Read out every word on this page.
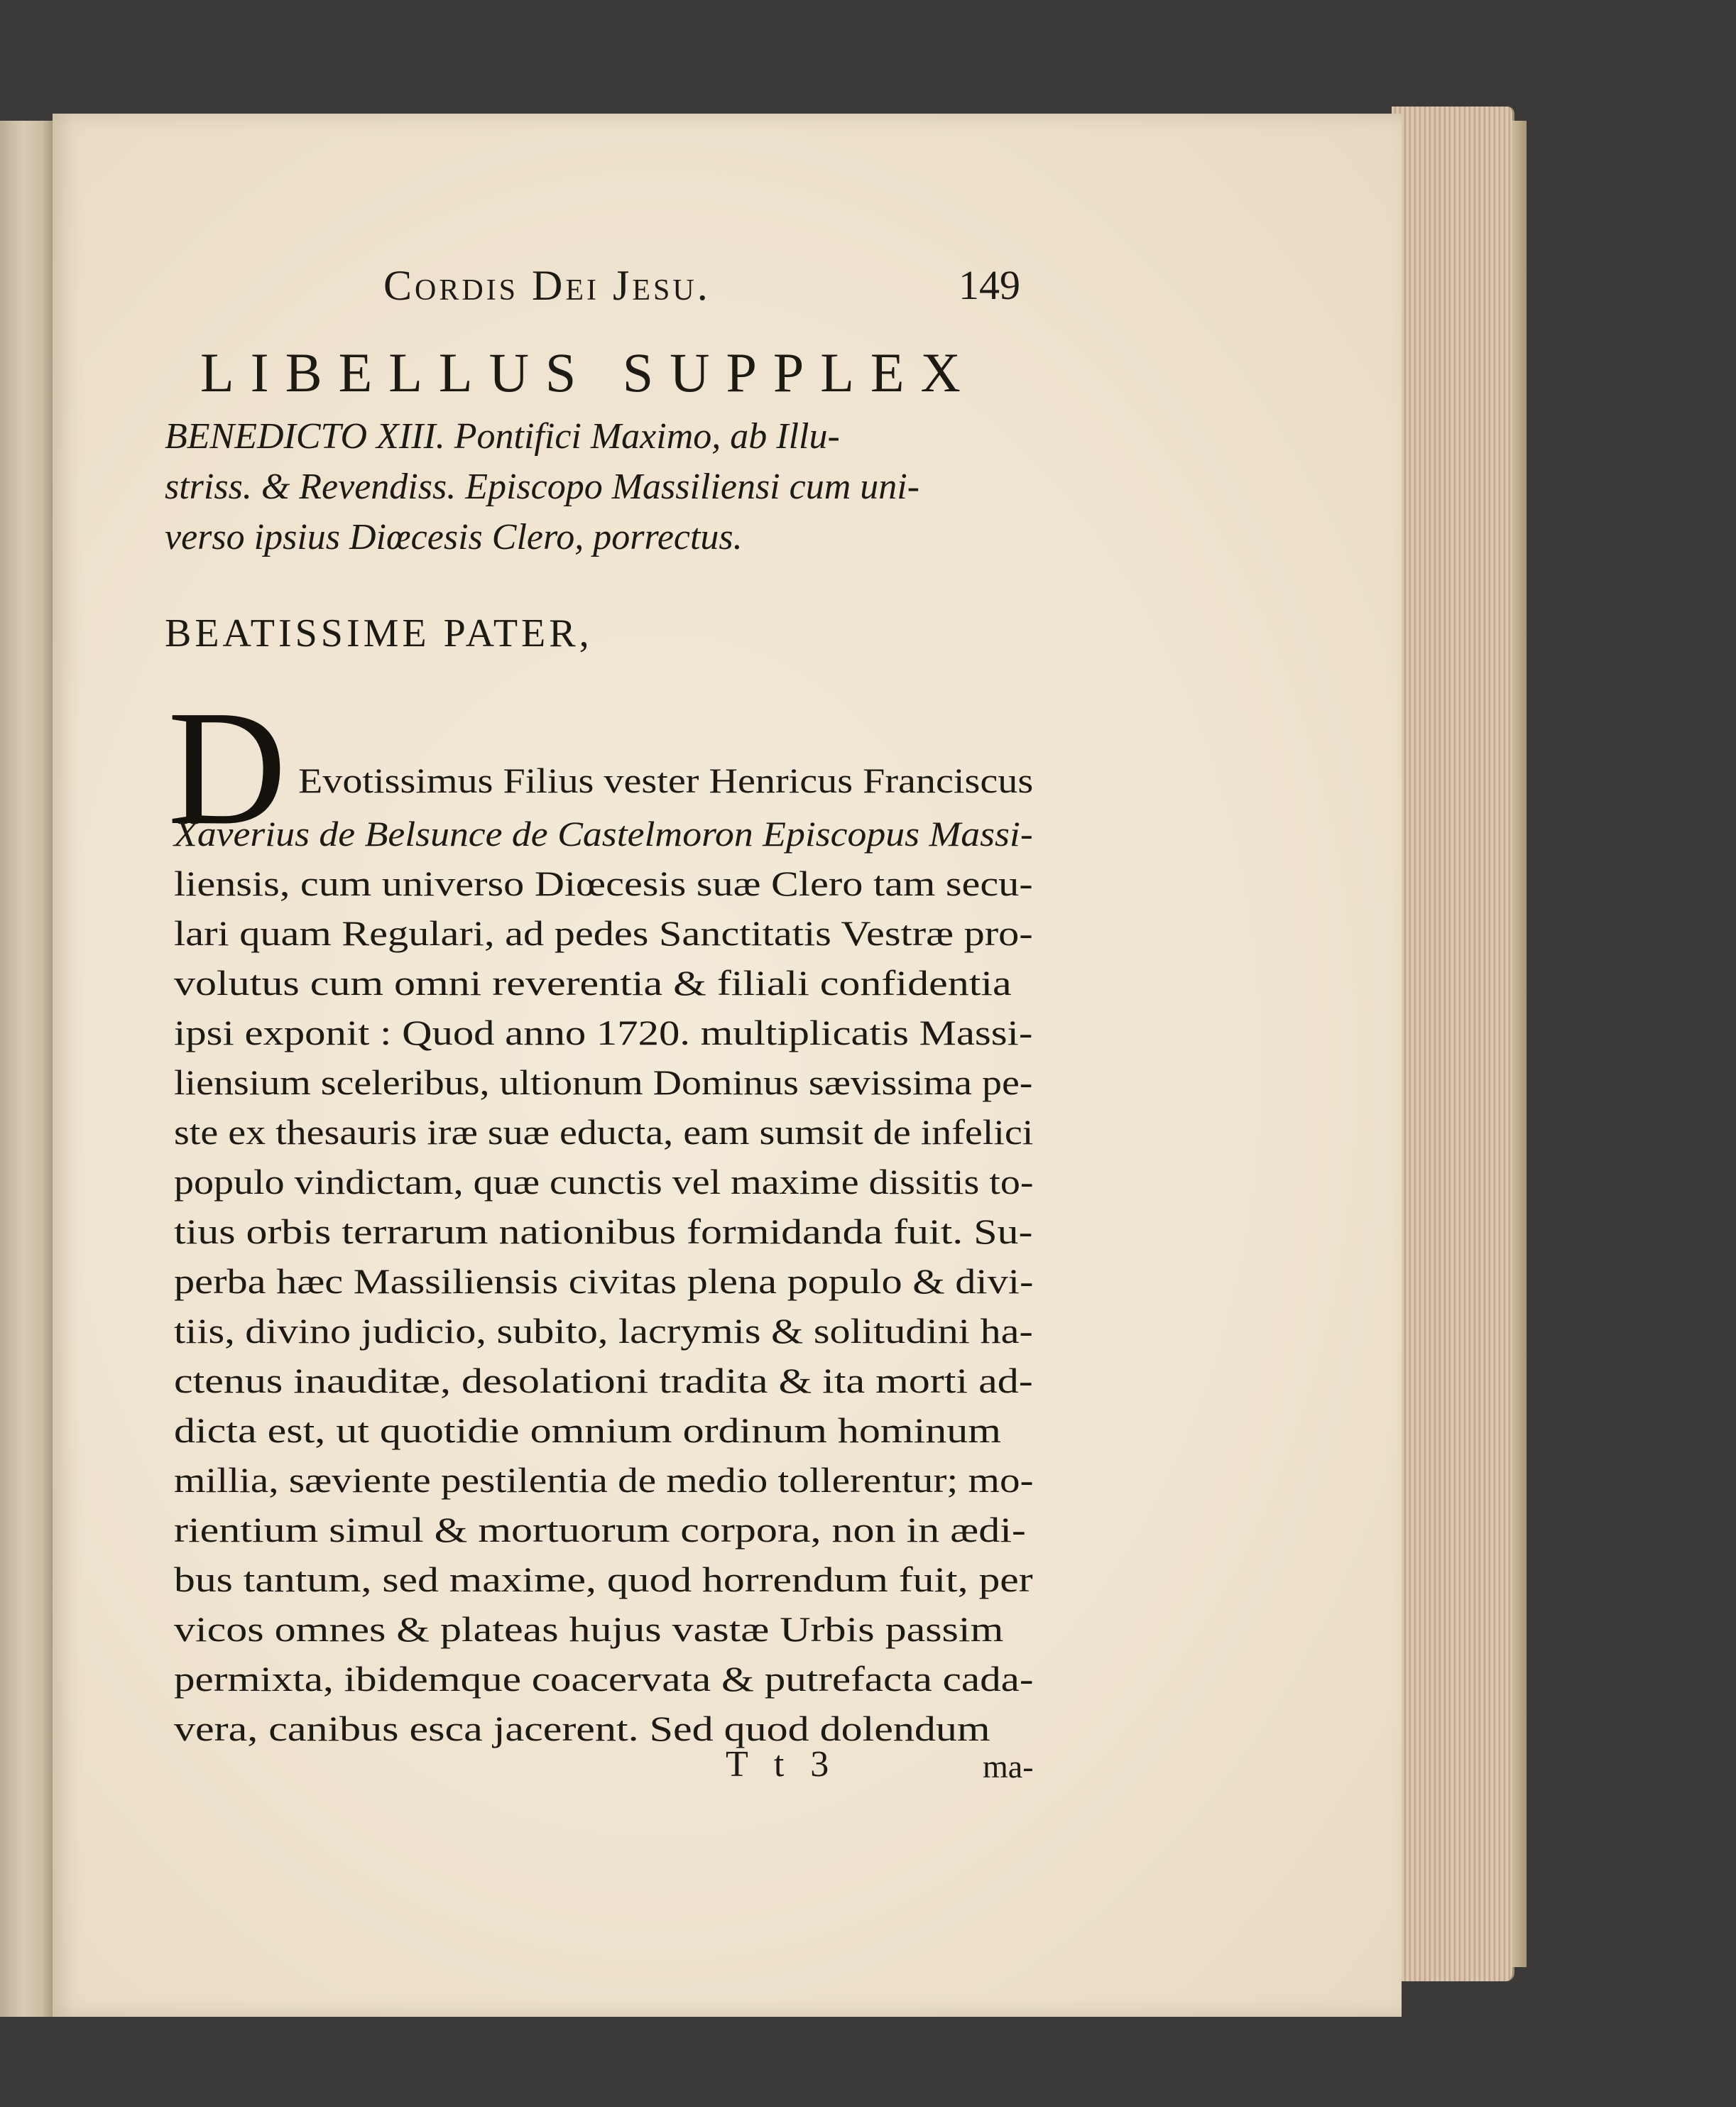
Cordis Dei Jesu.	149
LIBELLUS SUPPLEX
BENEDICTO XIII. Pontifici Maximo, ab Illu-
striss. & Revendiss. Episcopo Massiliensi cum uni-
verso ipsius Diœcesis Clero, porrectus.
BEATISSIME PATER,
D Evotissimus Filius vester Henricus Franciscus
Xaverius de Belsunce de Castelmoron Episcopus Massi-
liensis, cum universo Diœcesis suæ Clero tam secu-
lari quam Regulari, ad pedes Sanctitatis Vestræ pro-
volutus cum omni reverentia & filiali confidentia
ipsi exponit : Quod anno 1720. multiplicatis Massi-
liensium sceleribus, ultionum Dominus sævissima pe-
ste ex thesauris iræ suæ educta, eam sumsit de infelici
populo vindictam, quæ cunctis vel maxime dissitis to-
tius orbis terrarum nationibus formidanda fuit. Su-
perba hæc Massiliensis civitas plena populo & divi-
tiis, divino judicio, subito, lacrymis & solitudini ha-
ctenus inauditæ, desolationi tradita & ita morti ad-
dicta est, ut quotidie omnium ordinum hominum
millia, sæviente pestilentia de medio tollerentur; mo-
rientium simul & mortuorum corpora, non in ædi-
bus tantum, sed maxime, quod horrendum fuit, per
vicos omnes & plateas hujus vastæ Urbis passim
permixta, ibidemque coacervata & putrefacta cada-
vera, canibus esca jacerent. Sed quod dolendum
T t 3	ma-
